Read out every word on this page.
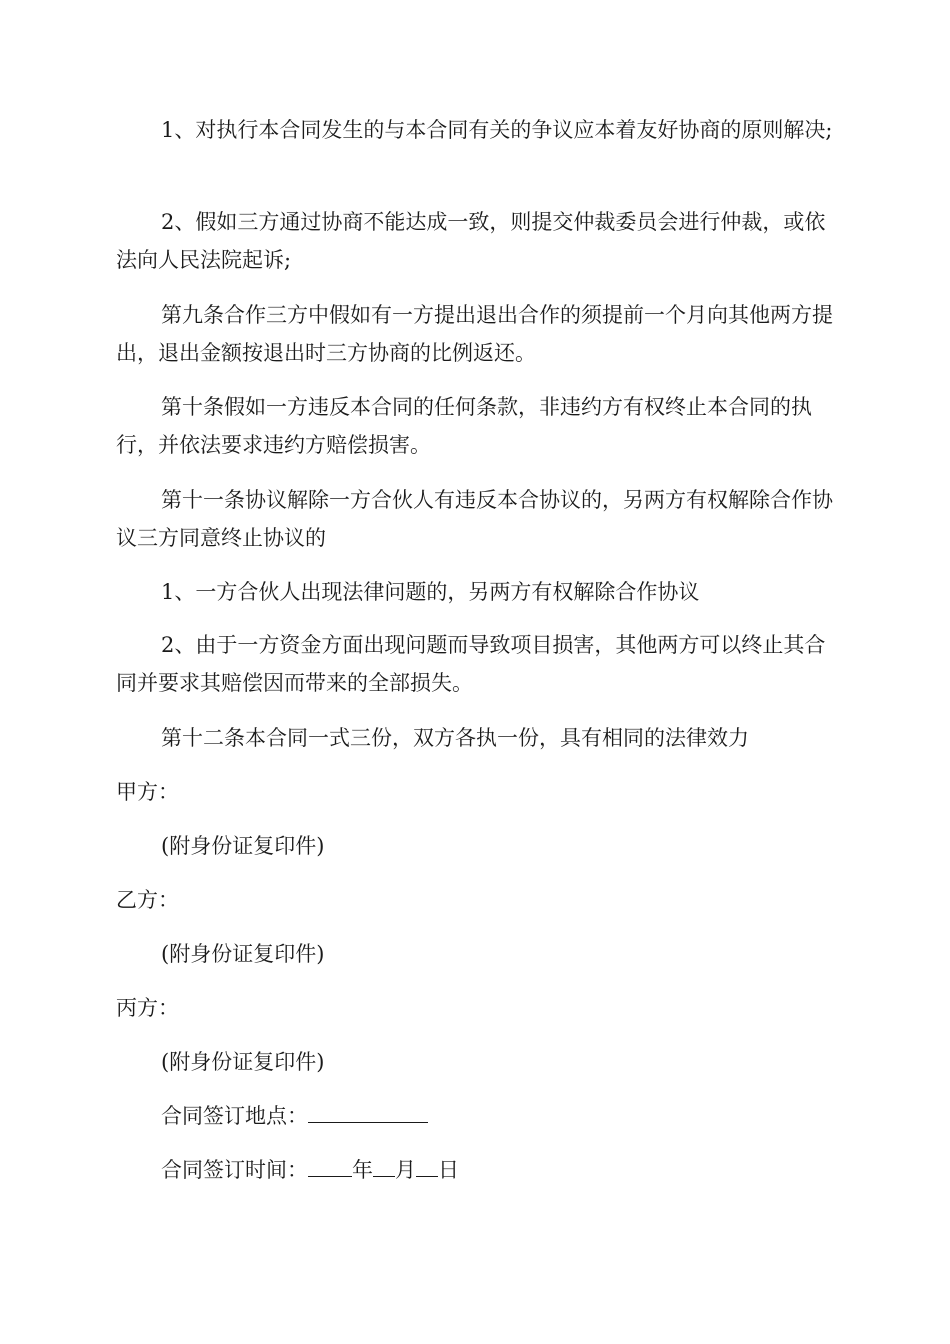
1、对执行本合同发生的与本合同有关的争议应本着友好协商的原则解决;

2、假如三方通过协商不能达成一致，则提交仲裁委员会进行仲裁，或依法向人民法院起诉;

第九条合作三方中假如有一方提出退出合作的须提前一个月向其他两方提出，退出金额按退出时三方协商的比例返还。

第十条假如一方违反本合同的任何条款，非违约方有权终止本合同的执行，并依法要求违约方赔偿损害。

第十一条协议解除一方合伙人有违反本合协议的，另两方有权解除合作协议三方同意终止协议的

1、一方合伙人出现法律问题的，另两方有权解除合作协议

2、由于一方资金方面出现问题而导致项目损害，其他两方可以终止其合同并要求其赔偿因而带来的全部损失。

第十二条本合同一式三份，双方各执一份，具有相同的法律效力

甲方：

(附身份证复印件)

乙方：

(附身份证复印件)

丙方：

(附身份证复印件)

合同签订地点：

合同签订时间： 年 月 日
